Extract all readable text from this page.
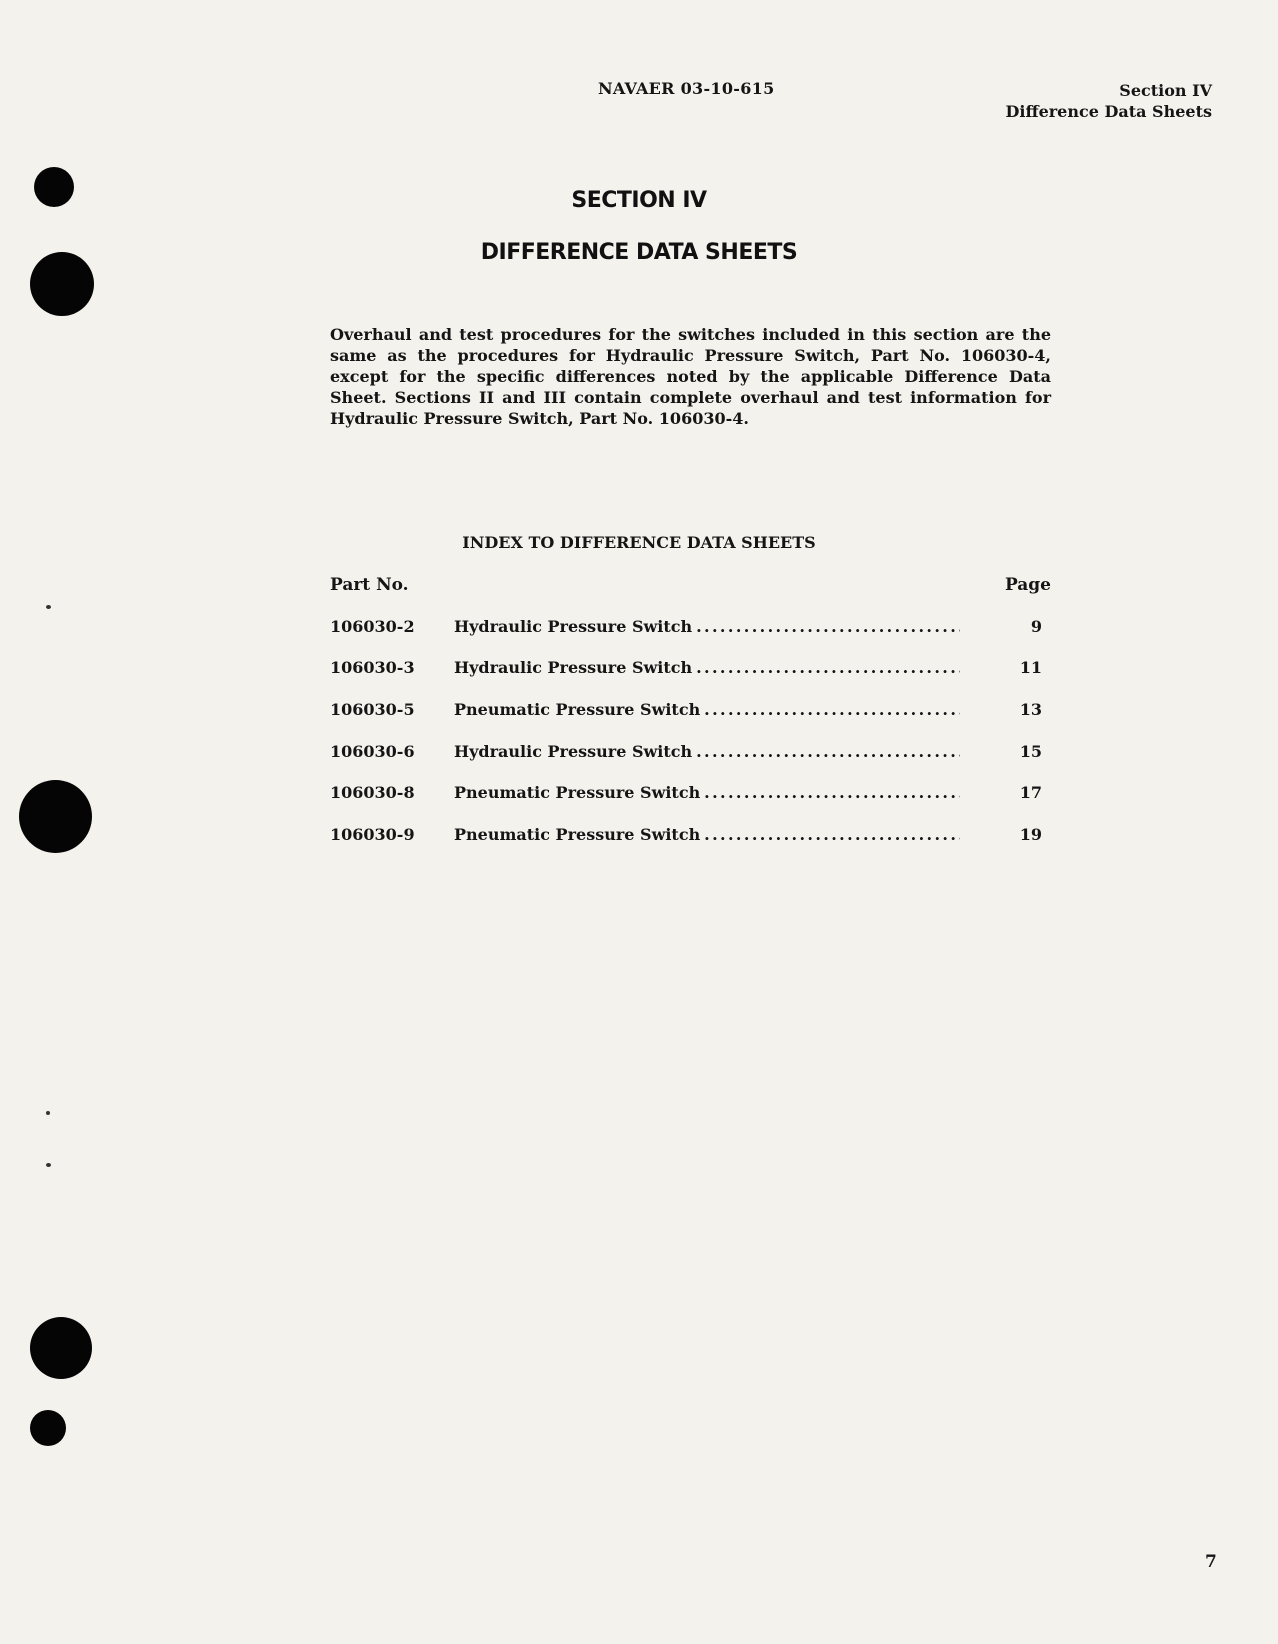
NAVAER 03-10-615	Section IV
Difference Data Sheets
SECTION IV
DIFFERENCE DATA SHEETS

Overhaul and test procedures for the switches included in this section are the same as the procedures for Hydraulic Pressure Switch, Part No. 106030-4, except for the specific differences noted by the applicable Difference Data Sheet. Sections II and III contain complete overhaul and test information for Hydraulic Pressure Switch, Part No. 106030-4.

INDEX TO DIFFERENCE DATA SHEETS
Part No.	Page
106030-2 Hydraulic Pressure Switch . . .	9
106030-3 Hydraulic Pressure Switch . . .	11
106030-5 Pneumatic Pressure Switch . . .	13
106030-6 Hydraulic Pressure Switch . . .	15
106030-8 Pneumatic Pressure Switch . . .	17
106030-9 Pneumatic Pressure Switch . . .	19
7
